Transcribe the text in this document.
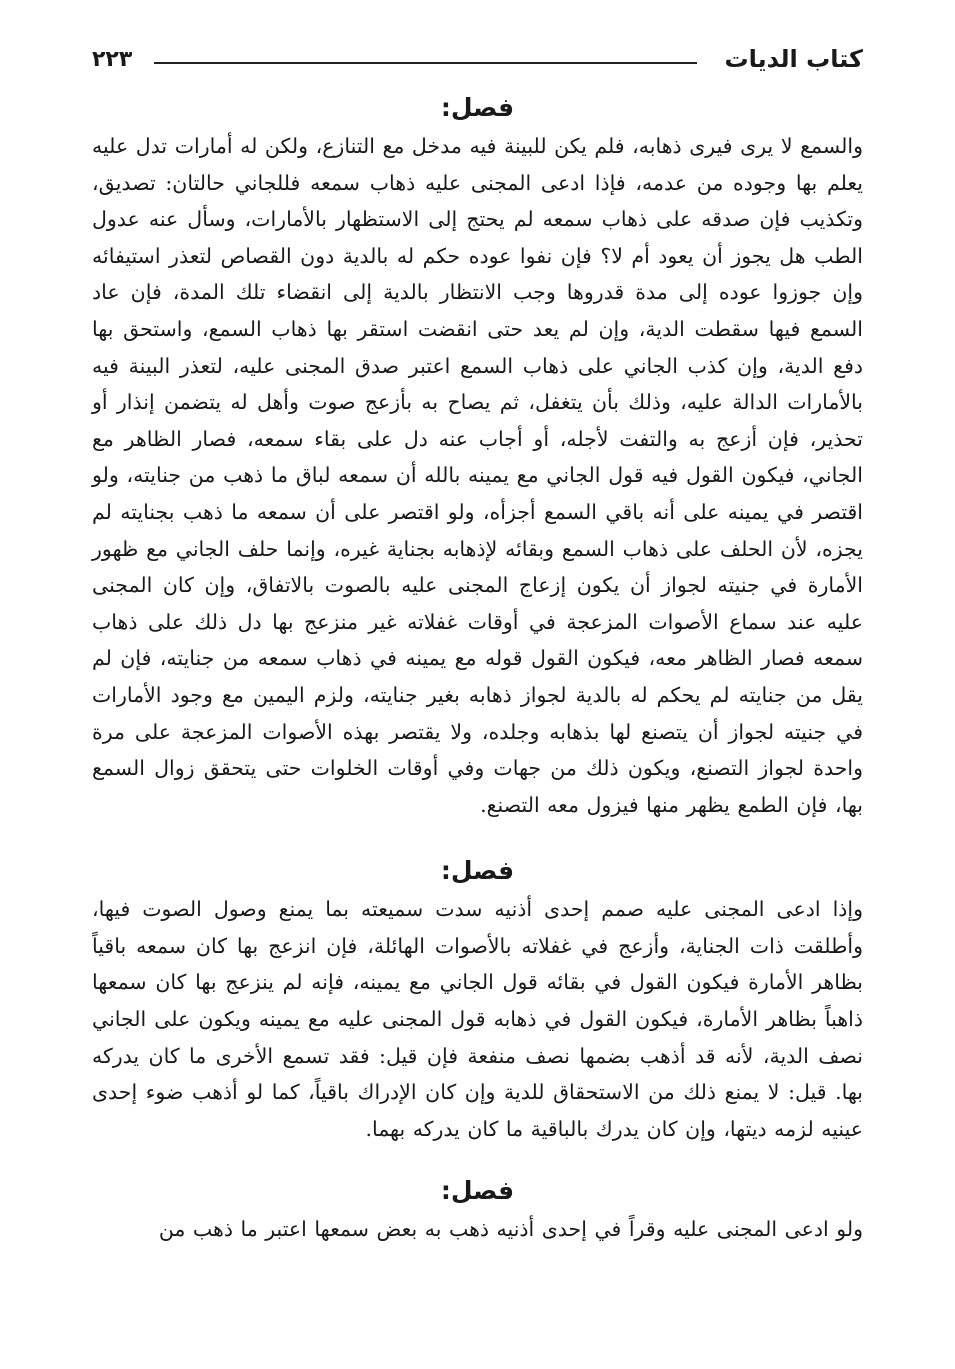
كتاب الديات
٢٢٣
فصل:

والسمع لا يرى فيرى ذهابه، فلم يكن للبينة فيه مدخل مع التنازع، ولكن له أمارات تدل عليه يعلم بها وجوده من عدمه، فإذا ادعى المجنى عليه ذهاب سمعه فللجاني حالتان: تصديق، وتكذيب فإن صدقه على ذهاب سمعه لم يحتج إلى الاستظهار بالأمارات، وسأل عنه عدول الطب هل يجوز أن يعود أم لا؟ فإن نفوا عوده حكم له بالدية دون القصاص لتعذر استيفائه وإن جوزوا عوده إلى مدة قدروها وجب الانتظار بالدية إلى انقضاء تلك المدة، فإن عاد السمع فيها سقطت الدية، وإن لم يعد حتى انقضت استقر بها ذهاب السمع، واستحق بها دفع الدية، وإن كذب الجاني على ذهاب السمع اعتبر صدق المجنى عليه، لتعذر البينة فيه بالأمارات الدالة عليه، وذلك بأن يتغفل، ثم يصاح به بأزعج صوت وأهل له يتضمن إنذار أو تحذير، فإن أزعج به والتفت لأجله، أو أجاب عنه دل على بقاء سمعه، فصار الظاهر مع الجاني، فيكون القول فيه قول الجاني مع يمينه بالله أن سمعه لباق ما ذهب من جنايته، ولو اقتصر في يمينه على أنه باقي السمع أجزأه، ولو اقتصر على أن سمعه ما ذهب بجنايته لم يجزه، لأن الحلف على ذهاب السمع وبقائه لإذهابه بجناية غيره، وإنما حلف الجاني مع ظهور الأمارة في جنيته لجواز أن يكون إزعاج المجنى عليه بالصوت بالاتفاق، وإن كان المجنى عليه عند سماع الأصوات المزعجة في أوقات غفلاته غير منزعج بها دل ذلك على ذهاب سمعه فصار الظاهر معه، فيكون القول قوله مع يمينه في ذهاب سمعه من جنايته، فإن لم يقل من جنايته لم يحكم له بالدية لجواز ذهابه بغير جنايته، ولزم اليمين مع وجود الأمارات في جنيته لجواز أن يتصنع لها بذهابه وجلده، ولا يقتصر بهذه الأصوات المزعجة على مرة واحدة لجواز التصنع، ويكون ذلك من جهات وفي أوقات الخلوات حتى يتحقق زوال السمع بها، فإن الطمع يظهر منها فيزول معه التصنع.

فصل:

وإذا ادعى المجنى عليه صمم إحدى أذنيه سدت سميعته بما يمنع وصول الصوت فيها، وأطلقت ذات الجناية، وأزعج في غفلاته بالأصوات الهائلة، فإن انزعج بها كان سمعه باقياً بظاهر الأمارة فيكون القول في بقائه قول الجاني مع يمينه، فإنه لم ينزعج بها كان سمعها ذاهباً بظاهر الأمارة، فيكون القول في ذهابه قول المجنى عليه مع يمينه ويكون على الجاني نصف الدية، لأنه قد أذهب بضمها نصف منفعة فإن قيل: فقد تسمع الأخرى ما كان يدركه بها. قيل: لا يمنع ذلك من الاستحقاق للدية وإن كان الإدراك باقياً، كما لو أذهب ضوء إحدى عينيه لزمه ديتها، وإن كان يدرك بالباقية ما كان يدركه بهما.

فصل:

ولو ادعى المجنى عليه وقراً في إحدى أذنيه ذهب به بعض سمعها اعتبر ما ذهب من
